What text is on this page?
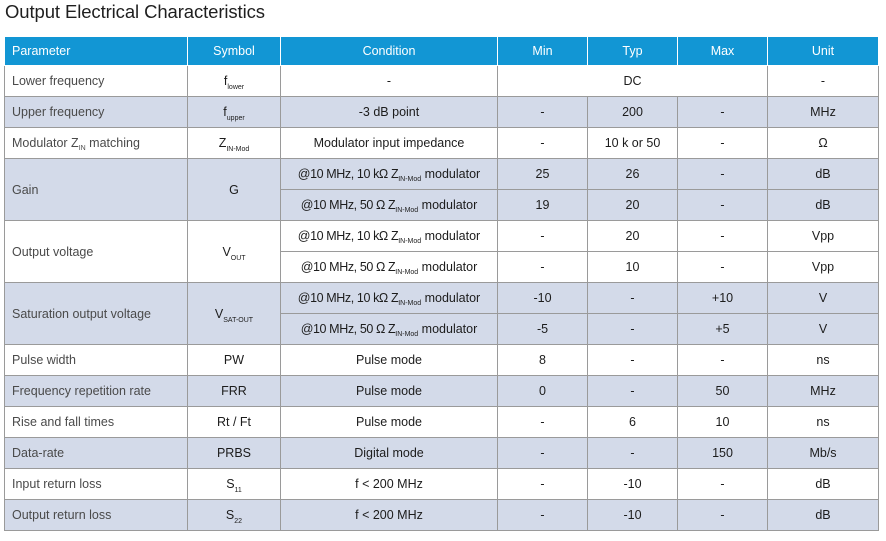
Output Electrical Characteristics
Parameter	Symbol	Condition	Min	Typ	Max	Unit
Lower frequency	$f_{lower}$	-	DC			-
Upper frequency	$f_{upper}$	-3 dB point	-	200	-	MHz
Modulator $Z_{IN}$ matching	$Z_{IN-Mod}$	Modulator input impedance	-	10 k or 50	-	Ω
Gain	G	@10 MHz, 10 kΩ $Z_{IN-Mod}$ modulator	25	26	-	dB
		@10 MHz, 50 Ω $Z_{IN-Mod}$ modulator	19	20	-	dB
Output voltage	$V_{OUT}$	@10 MHz, 10 kΩ $Z_{IN-Mod}$ modulator	-	20	-	Vpp
		@10 MHz, 50 Ω $Z_{IN-Mod}$ modulator	-	10	-	Vpp
Saturation output voltage	$V_{SAT-OUT}$	@10 MHz, 10 kΩ $Z_{IN-Mod}$ modulator	-10	-	+10	V
		@10 MHz, 50 Ω $Z_{IN-Mod}$ modulator	-5	-	+5	V
Pulse width	PW	Pulse mode	8	-	-	ns
Frequency repetition rate	FRR	Pulse mode	0	-	50	MHz
Rise and fall times	Rt / Ft	Pulse mode	-	6	10	ns
Data-rate	PRBS	Digital mode	-	-	150	Mb/s
Input return loss	$S_{11}$	f < 200 MHz	-	-10	-	dB
Output return loss	$S_{22}$	f < 200 MHz	-	-10	-	dB
